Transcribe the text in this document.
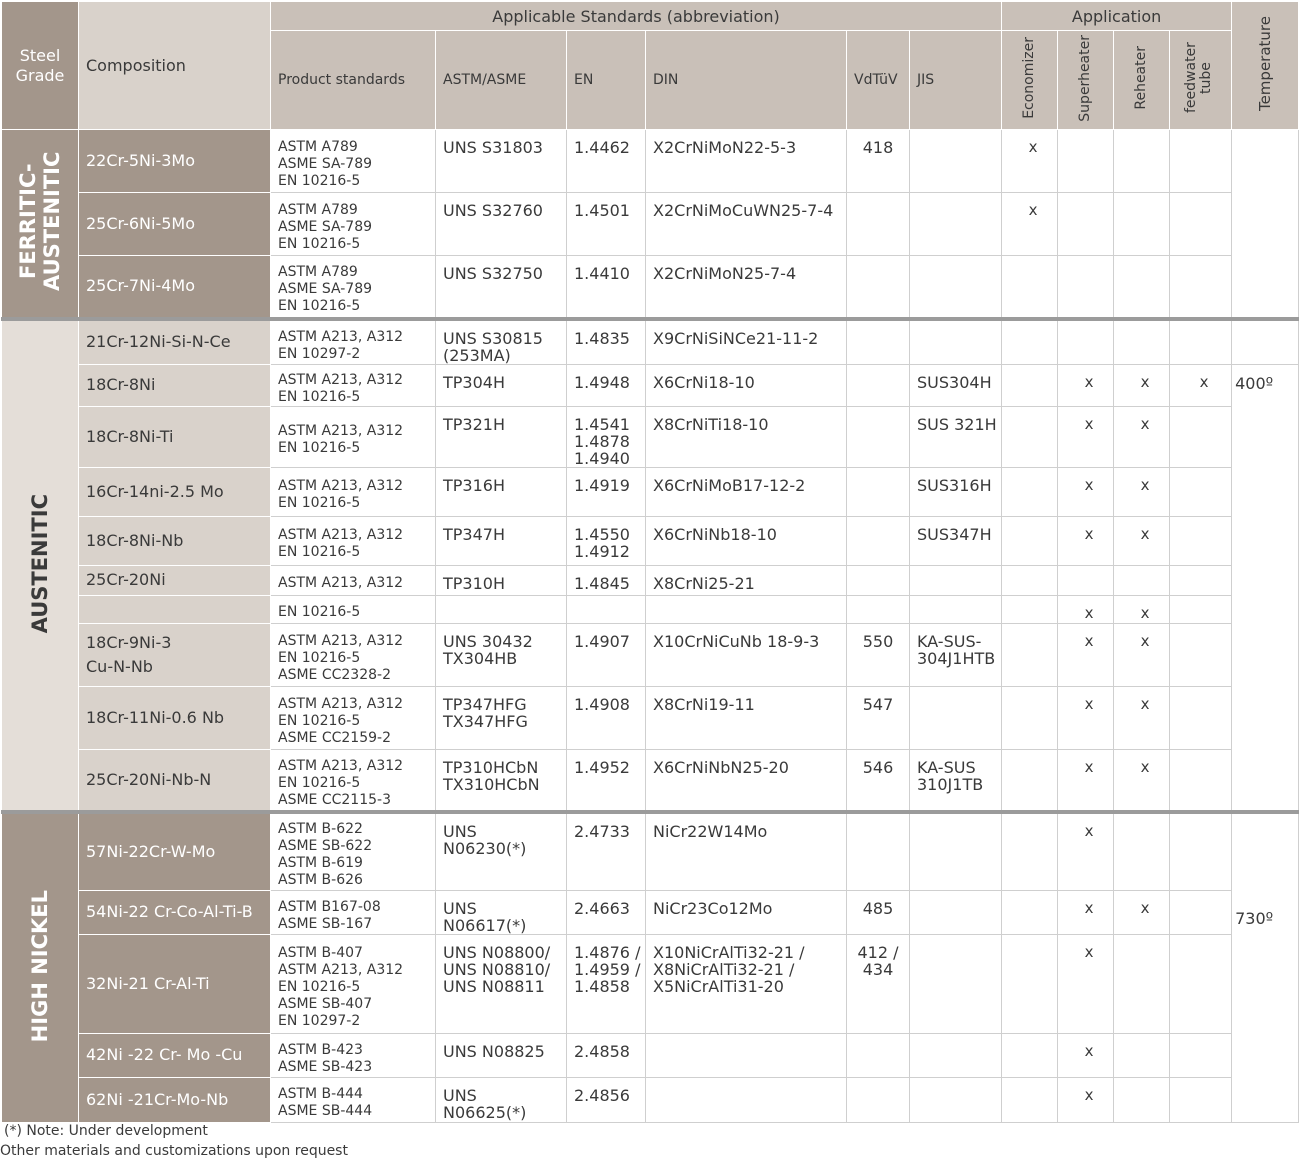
Steel Grade	Composition	Applicable Standards (abbreviation)						Application				Temperature
		Product standards	ASTM/ASME	EN	DIN	VdTüV	JIS	Economizer	Superheater	Reheater	feedwater tube	
FERRITIC- AUSTENITIC	22Cr-5Ni-3Mo	ASTM A789
ASME SA-789
EN 10216-5	UNS S31803	1.4462	X2CrNiMoN22-5-3	418		x				
	25Cr-6Ni-5Mo	ASTM A789
ASME SA-789
EN 10216-5	UNS S32760	1.4501	X2CrNiMoCuWN25-7-4			x				
	25Cr-7Ni-4Mo	ASTM A789
ASME SA-789
EN 10216-5	UNS S32750	1.4410	X2CrNiMoN25-7-4							
AUSTENITIC	21Cr-12Ni-Si-N-Ce	ASTM A213, A312
EN 10297-2	UNS S30815
(253MA)	1.4835	X9CrNiSiNCe21-11-2							
	18Cr-8Ni	ASTM A213, A312
EN 10216-5	TP304H	1.4948	X6CrNi18-10		SUS304H		x	x	x	400º
	18Cr-8Ni-Ti	ASTM A213, A312
EN 10216-5	TP321H	1.4541
1.4878
1.4940	X8CrNiTi18-10		SUS 321H		x	x		
	16Cr-14ni-2.5 Mo	ASTM A213, A312
EN 10216-5	TP316H	1.4919	X6CrNiMoB17-12-2		SUS316H		x	x		
	18Cr-8Ni-Nb	ASTM A213, A312
EN 10216-5	TP347H	1.4550
1.4912	X6CrNiNb18-10		SUS347H		x	x		
	25Cr-20Ni	ASTM A213, A312	TP310H	1.4845	X8CrNi25-21							
		EN 10216-5							x	x		
	18Cr-9Ni-3
Cu-N-Nb	ASTM A213, A312
EN 10216-5
ASME CC2328-2	UNS 30432
TX304HB	1.4907	X10CrNiCuNb 18-9-3	550	KA-SUS-
304J1HTB		x	x		
	18Cr-11Ni-0.6 Nb	ASTM A213, A312
EN 10216-5
ASME CC2159-2	TP347HFG
TX347HFG	1.4908	X8CrNi19-11	547			x	x		
	25Cr-20Ni-Nb-N	ASTM A213, A312
EN 10216-5
ASME CC2115-3	TP310HCbN
TX310HCbN	1.4952	X6CrNiNbN25-20	546	KA-SUS
310J1TB		x	x		
HIGH NICKEL	57Ni-22Cr-W-Mo	ASTM B-622
ASME SB-622
ASTM B-619
ASTM B-626	UNS
N06230(*)	2.4733	NiCr22W14Mo				x			730º
	54Ni-22 Cr-Co-Al-Ti-B	ASTM B167-08
ASME SB-167	UNS
N06617(*)	2.4663	NiCr23Co12Mo	485			x	x		
	32Ni-21 Cr-Al-Ti	ASTM B-407
ASTM A213, A312
EN 10216-5
ASME SB-407
EN 10297-2	UNS N08800/
UNS N08810/
UNS N08811	1.4876 /
1.4959 /
1.4858	X10NiCrAlTi32-21 /
X8NiCrAlTi32-21 /
X5NiCrAlTi31-20	412 /
434			x			
	42Ni -22 Cr- Mo -Cu	ASTM B-423
ASME SB-423	UNS N08825	2.4858					x			
	62Ni -21Cr-Mo-Nb	ASTM B-444
ASME SB-444	UNS
N06625(*)	2.4856					x			
(*) Note: Under development
Other materials and customizations upon request
